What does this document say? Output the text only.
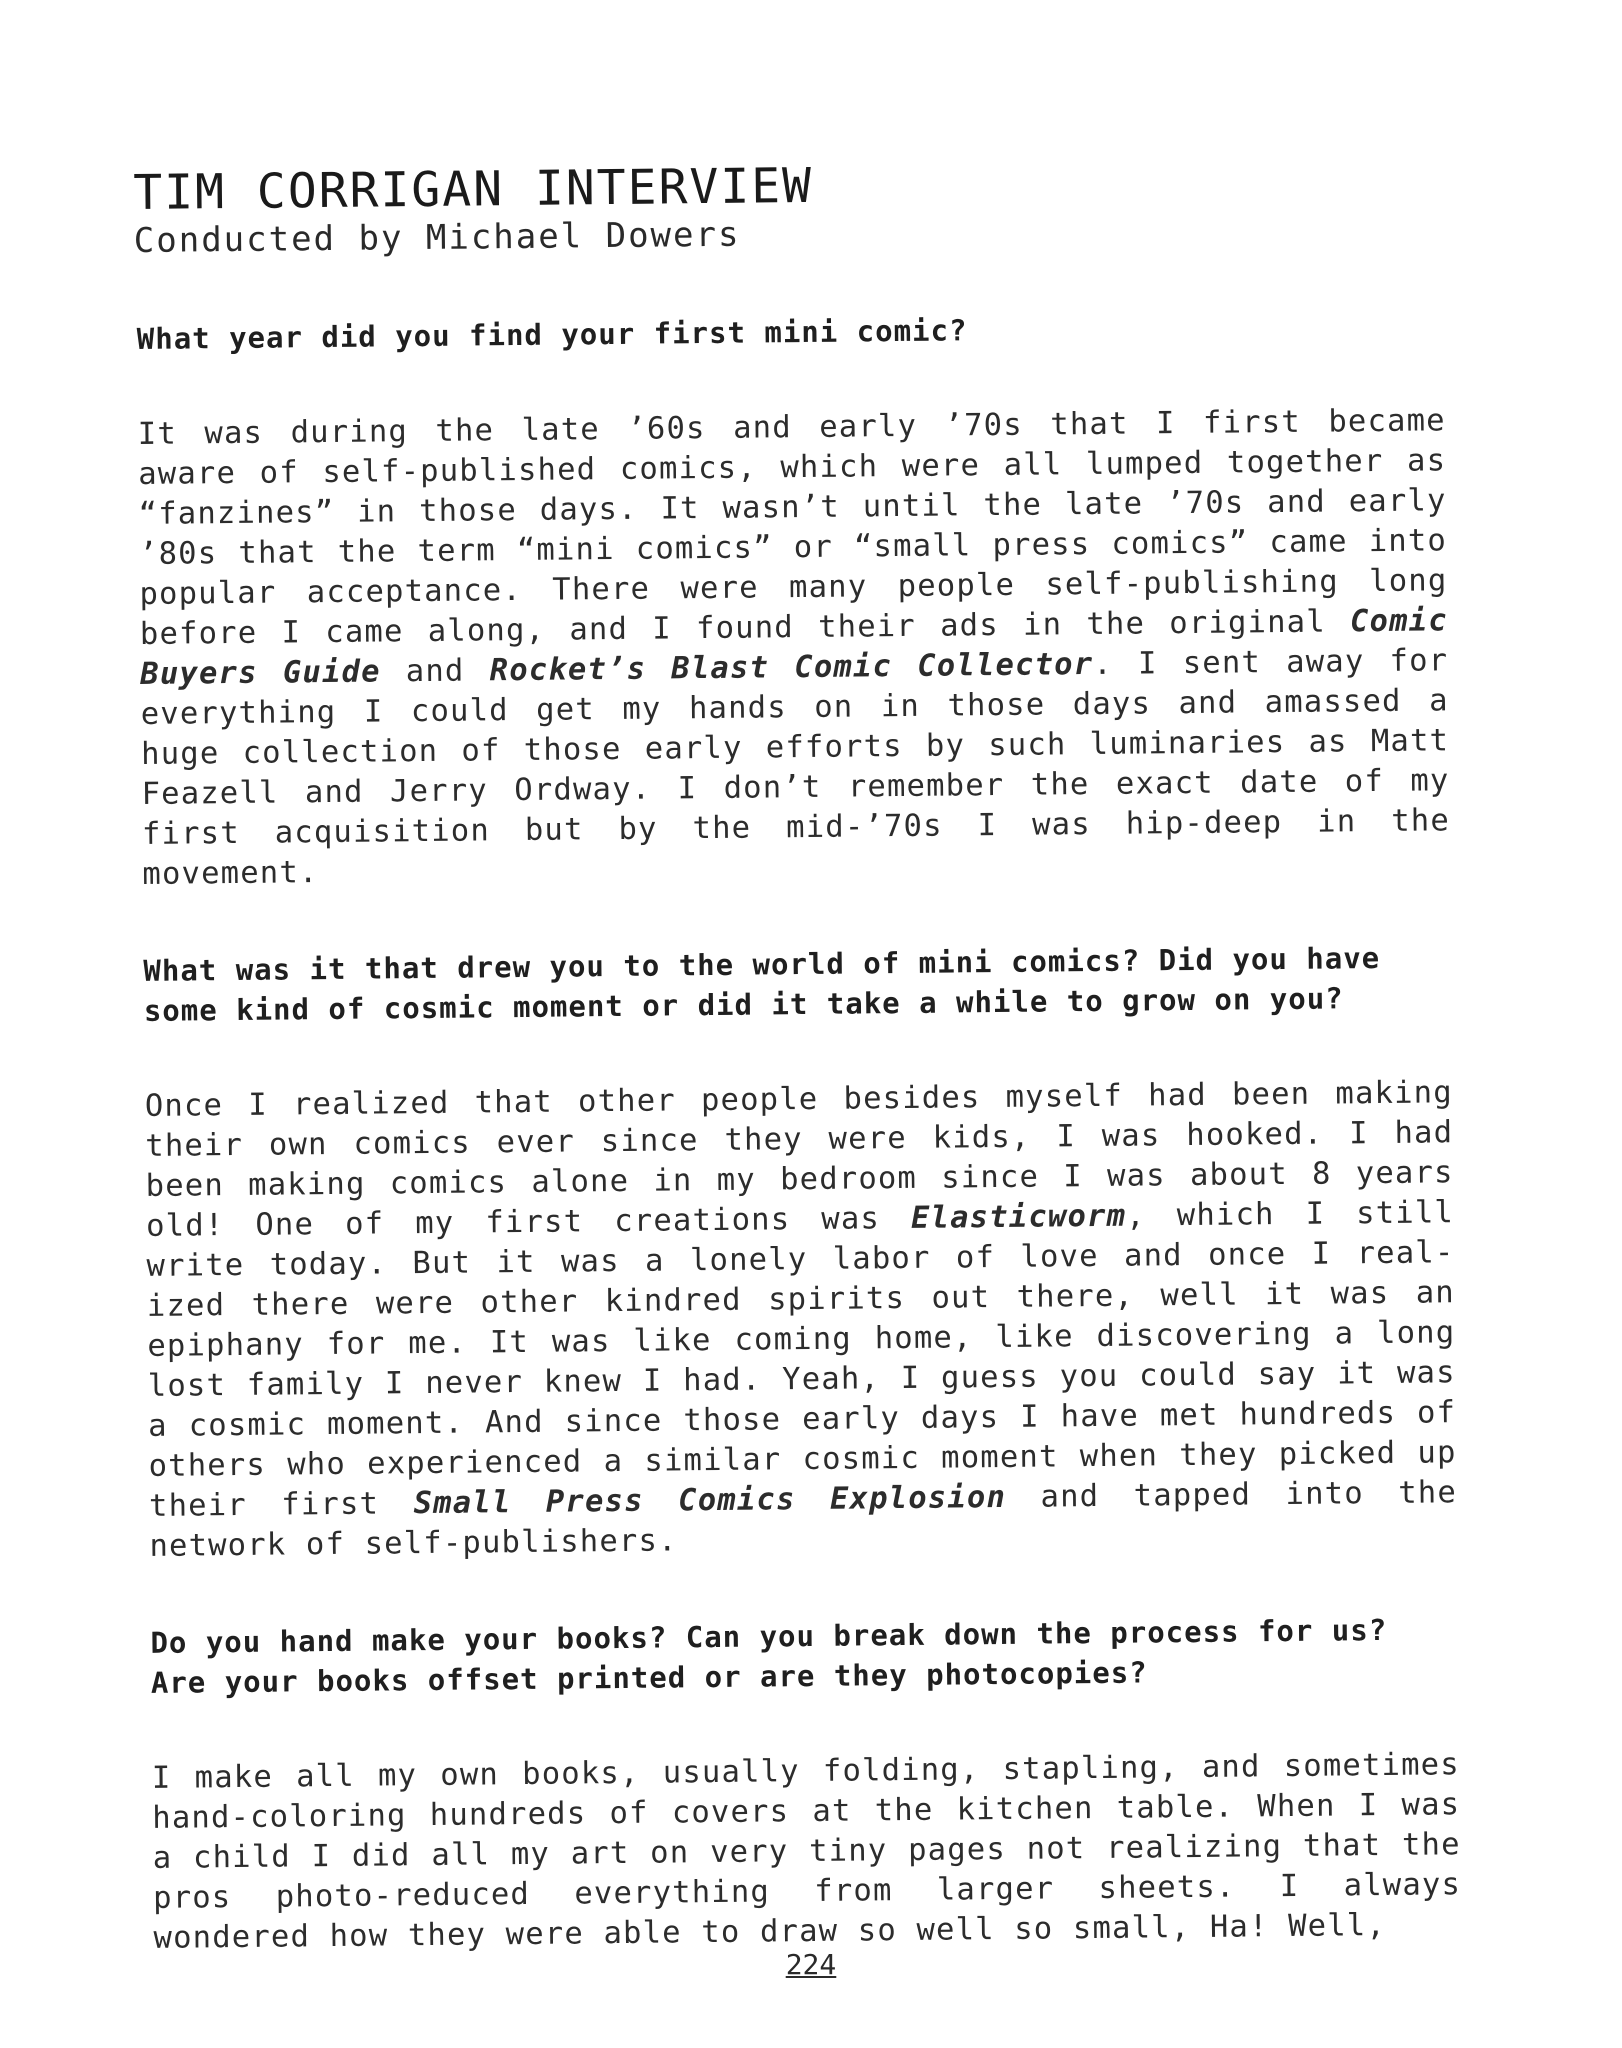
TIM CORRIGAN INTERVIEW

Conducted by Michael Dowers

What year did you find your first mini comic?

It was during the late ’60s and early ’70s that I first became aware of self-published comics, which were all lumped together as “fanzines” in those days. It wasn’t until the late ’70s and early ’80s that the term “mini comics” or “small press comics” came into popular acceptance. There were many people self-publishing long before I came along, and I found their ads in the original Comic Buyers Guide and Rocket’s Blast Comic Collector. I sent away for everything I could get my hands on in those days and amassed a huge collection of those early efforts by such luminaries as Matt Feazell and Jerry Ordway. I don’t remember the exact date of my first acquisition but by the mid-’70s I was hip-deep in the movement.

What was it that drew you to the world of mini comics? Did you have some kind of cosmic moment or did it take a while to grow on you?

Once I realized that other people besides myself had been making their own comics ever since they were kids, I was hooked. I had been making comics alone in my bedroom since I was about 8 years old! One of my first creations was Elasticworm, which I still write today. But it was a lonely labor of love and once I real-ized there were other kindred spirits out there, well it was an epiphany for me. It was like coming home, like discovering a long lost family I never knew I had. Yeah, I guess you could say it was a cosmic moment. And since those early days I have met hundreds of others who experienced a similar cosmic moment when they picked up their first Small Press Comics Explosion and tapped into the network of self-publishers.

Do you hand make your books? Can you break down the process for us? Are your books offset printed or are they photocopies?

I make all my own books, usually folding, stapling, and sometimes hand-coloring hundreds of covers at the kitchen table. When I was a child I did all my art on very tiny pages not realizing that the pros photo-reduced everything from larger sheets. I always wondered how they were able to draw so well so small, Ha! Well,

224
